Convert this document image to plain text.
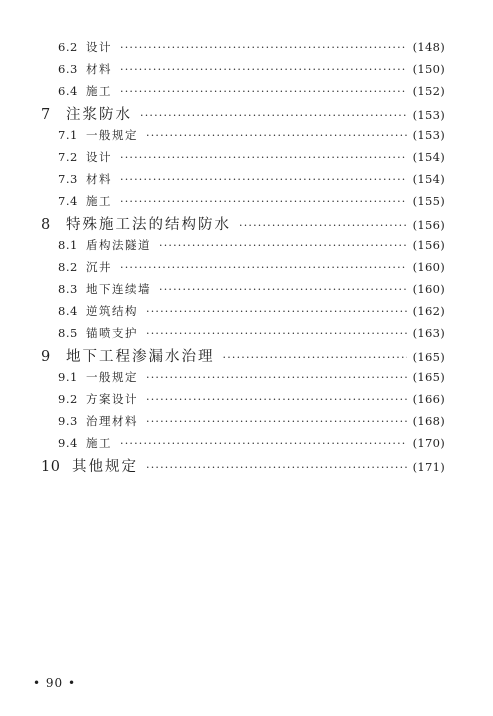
6.2 设计 ·····	(148)
6.3 材料 ·····	(150)
6.4 施工 ·····	(152)
7	注浆防水 ·····	(153)
7.1 一般规定 ·····	(153)
7.2 设计 ·····	(154)
7.3 材料 ·····	(154)
7.4 施工 ·····	(155)
8	特殊施工法的结构防水 ·····	(156)
8.1 盾构法隧道 ·····	(156)
8.2 沉井 ·····	(160)
8.3 地下连续墙 ·····	(160)
8.4 逆筑结构 ·····	(162)
8.5 锚喷支护 ·····	(163)
9	地下工程渗漏水治理 ·····	(165)
9.1 一般规定 ·····	(165)
9.2 方案设计 ·····	(166)
9.3 治理材料 ·····	(168)
9.4 施工 ·····	(170)
10 其他规定 ·····	(171)
• 90 •
